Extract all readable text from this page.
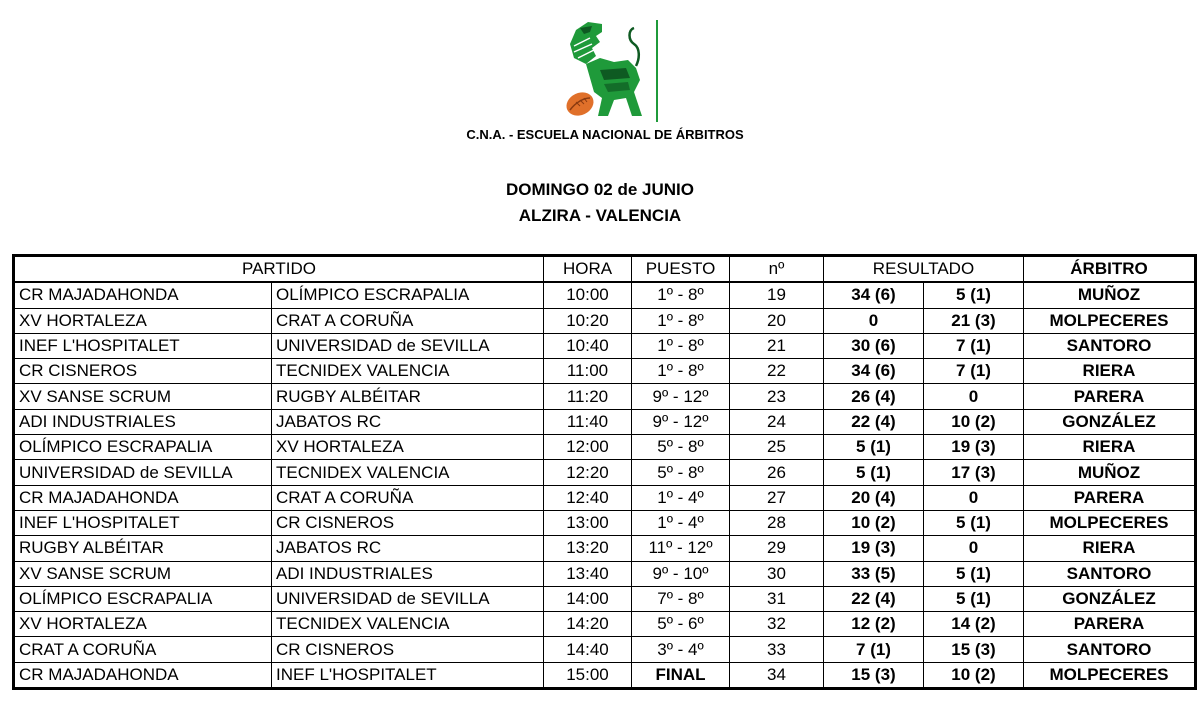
C.N.A. - ESCUELA NACIONAL DE ÁRBITROS
DOMINGO 02 de JUNIO
ALZIRA - VALENCIA
PARTIDO		HORA	PUESTO	nº	RESULTADO		ÁRBITRO
CR MAJADAHONDA	OLÍMPICO ESCRAPALIA	10:00	1º - 8º	19	34 (6)	5 (1)	MUÑOZ
XV HORTALEZA	CRAT A CORUÑA	10:20	1º - 8º	20	0	21 (3)	MOLPECERES
INEF L'HOSPITALET	UNIVERSIDAD de SEVILLA	10:40	1º - 8º	21	30 (6)	7 (1)	SANTORO
CR CISNEROS	TECNIDEX VALENCIA	11:00	1º - 8º	22	34 (6)	7 (1)	RIERA
XV SANSE SCRUM	RUGBY ALBÉITAR	11:20	9º - 12º	23	26 (4)	0	PARERA
ADI INDUSTRIALES	JABATOS RC	11:40	9º - 12º	24	22 (4)	10 (2)	GONZÁLEZ
OLÍMPICO ESCRAPALIA	XV HORTALEZA	12:00	5º - 8º	25	5 (1)	19 (3)	RIERA
UNIVERSIDAD de SEVILLA	TECNIDEX VALENCIA	12:20	5º - 8º	26	5 (1)	17 (3)	MUÑOZ
CR MAJADAHONDA	CRAT A CORUÑA	12:40	1º - 4º	27	20 (4)	0	PARERA
INEF L'HOSPITALET	CR CISNEROS	13:00	1º - 4º	28	10 (2)	5 (1)	MOLPECERES
RUGBY ALBÉITAR	JABATOS RC	13:20	11º - 12º	29	19 (3)	0	RIERA
XV SANSE SCRUM	ADI INDUSTRIALES	13:40	9º - 10º	30	33 (5)	5 (1)	SANTORO
OLÍMPICO ESCRAPALIA	UNIVERSIDAD de SEVILLA	14:00	7º - 8º	31	22 (4)	5 (1)	GONZÁLEZ
XV HORTALEZA	TECNIDEX VALENCIA	14:20	5º - 6º	32	12 (2)	14 (2)	PARERA
CRAT A CORUÑA	CR CISNEROS	14:40	3º - 4º	33	7 (1)	15 (3)	SANTORO
CR MAJADAHONDA	INEF L'HOSPITALET	15:00	FINAL	34	15 (3)	10 (2)	MOLPECERES
